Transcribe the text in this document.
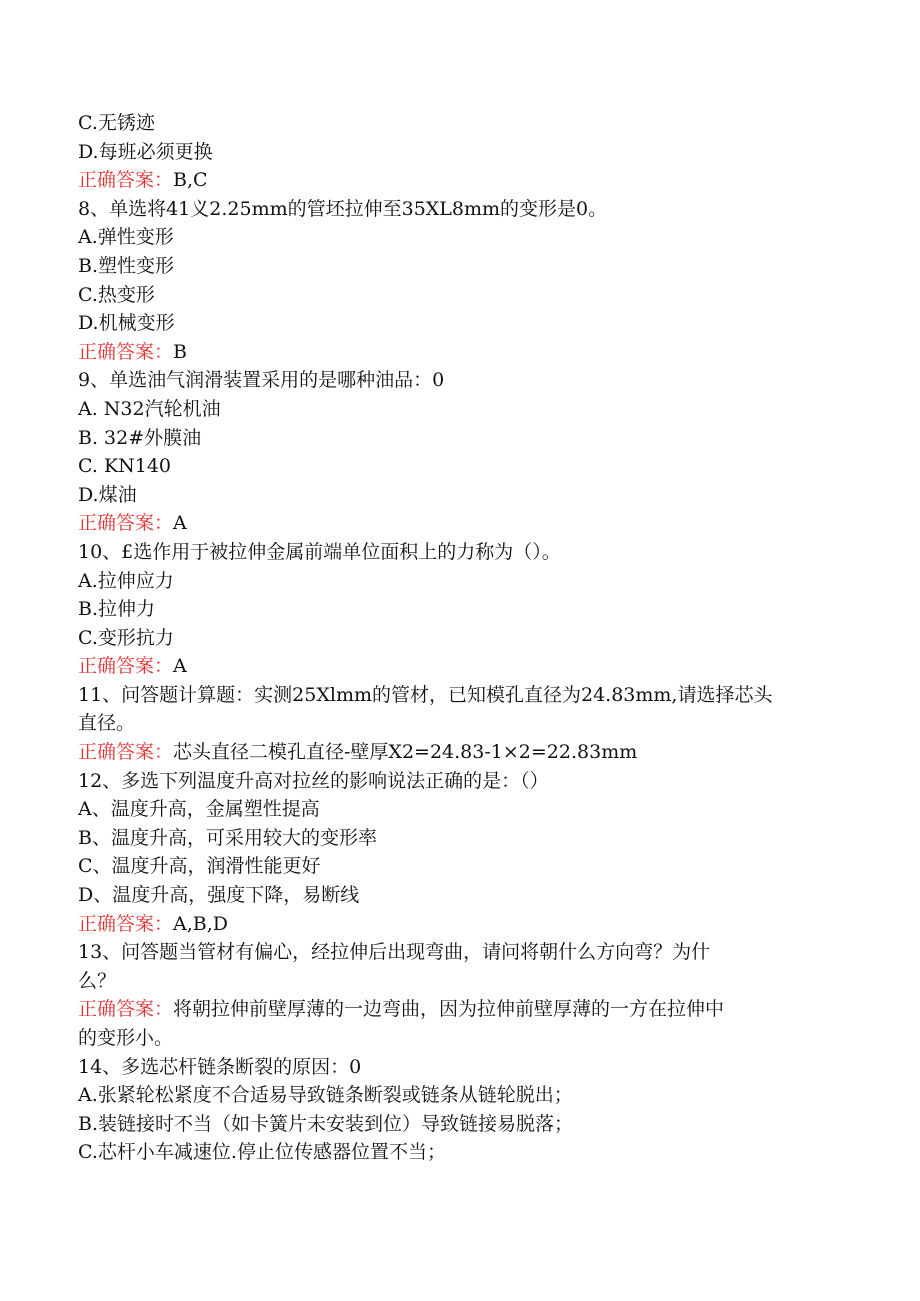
C.无锈迹
D.每班必须更换
正确答案：B,C
8、单选将41义2.25mm的管坯拉伸至35XL8mm的变形是0。
A.弹性变形
B.塑性变形
C.热变形
D.机械变形
正确答案：B
9、单选油气润滑装置采用的是哪种油品：0
A. N32汽轮机油
B. 32#外膜油
C. KN140
D.煤油
正确答案：A
10、£选作用于被拉伸金属前端单位面积上的力称为（）。
A.拉伸应力
B.拉伸力
C.变形抗力
正确答案：A
11、问答题计算题：实测25Xlmm的管材，已知模孔直径为24.83mm,请选择芯头
直径。
正确答案：芯头直径二模孔直径-壁厚X2=24.83-1×2=22.83mm
12、多选下列温度升高对拉丝的影响说法正确的是：（）
A、温度升高，金属塑性提高
B、温度升高，可采用较大的变形率
C、温度升高，润滑性能更好
D、温度升高，强度下降，易断线
正确答案：A,B,D
13、问答题当管材有偏心，经拉伸后出现弯曲，请问将朝什么方向弯？为什
么？
正确答案：将朝拉伸前壁厚薄的一边弯曲，因为拉伸前壁厚薄的一方在拉伸中
的变形小。
14、多选芯杆链条断裂的原因：0
A.张紧轮松紧度不合适易导致链条断裂或链条从链轮脱出；
B.装链接时不当（如卡簧片未安装到位）导致链接易脱落；
C.芯杆小车减速位.停止位传感器位置不当；
